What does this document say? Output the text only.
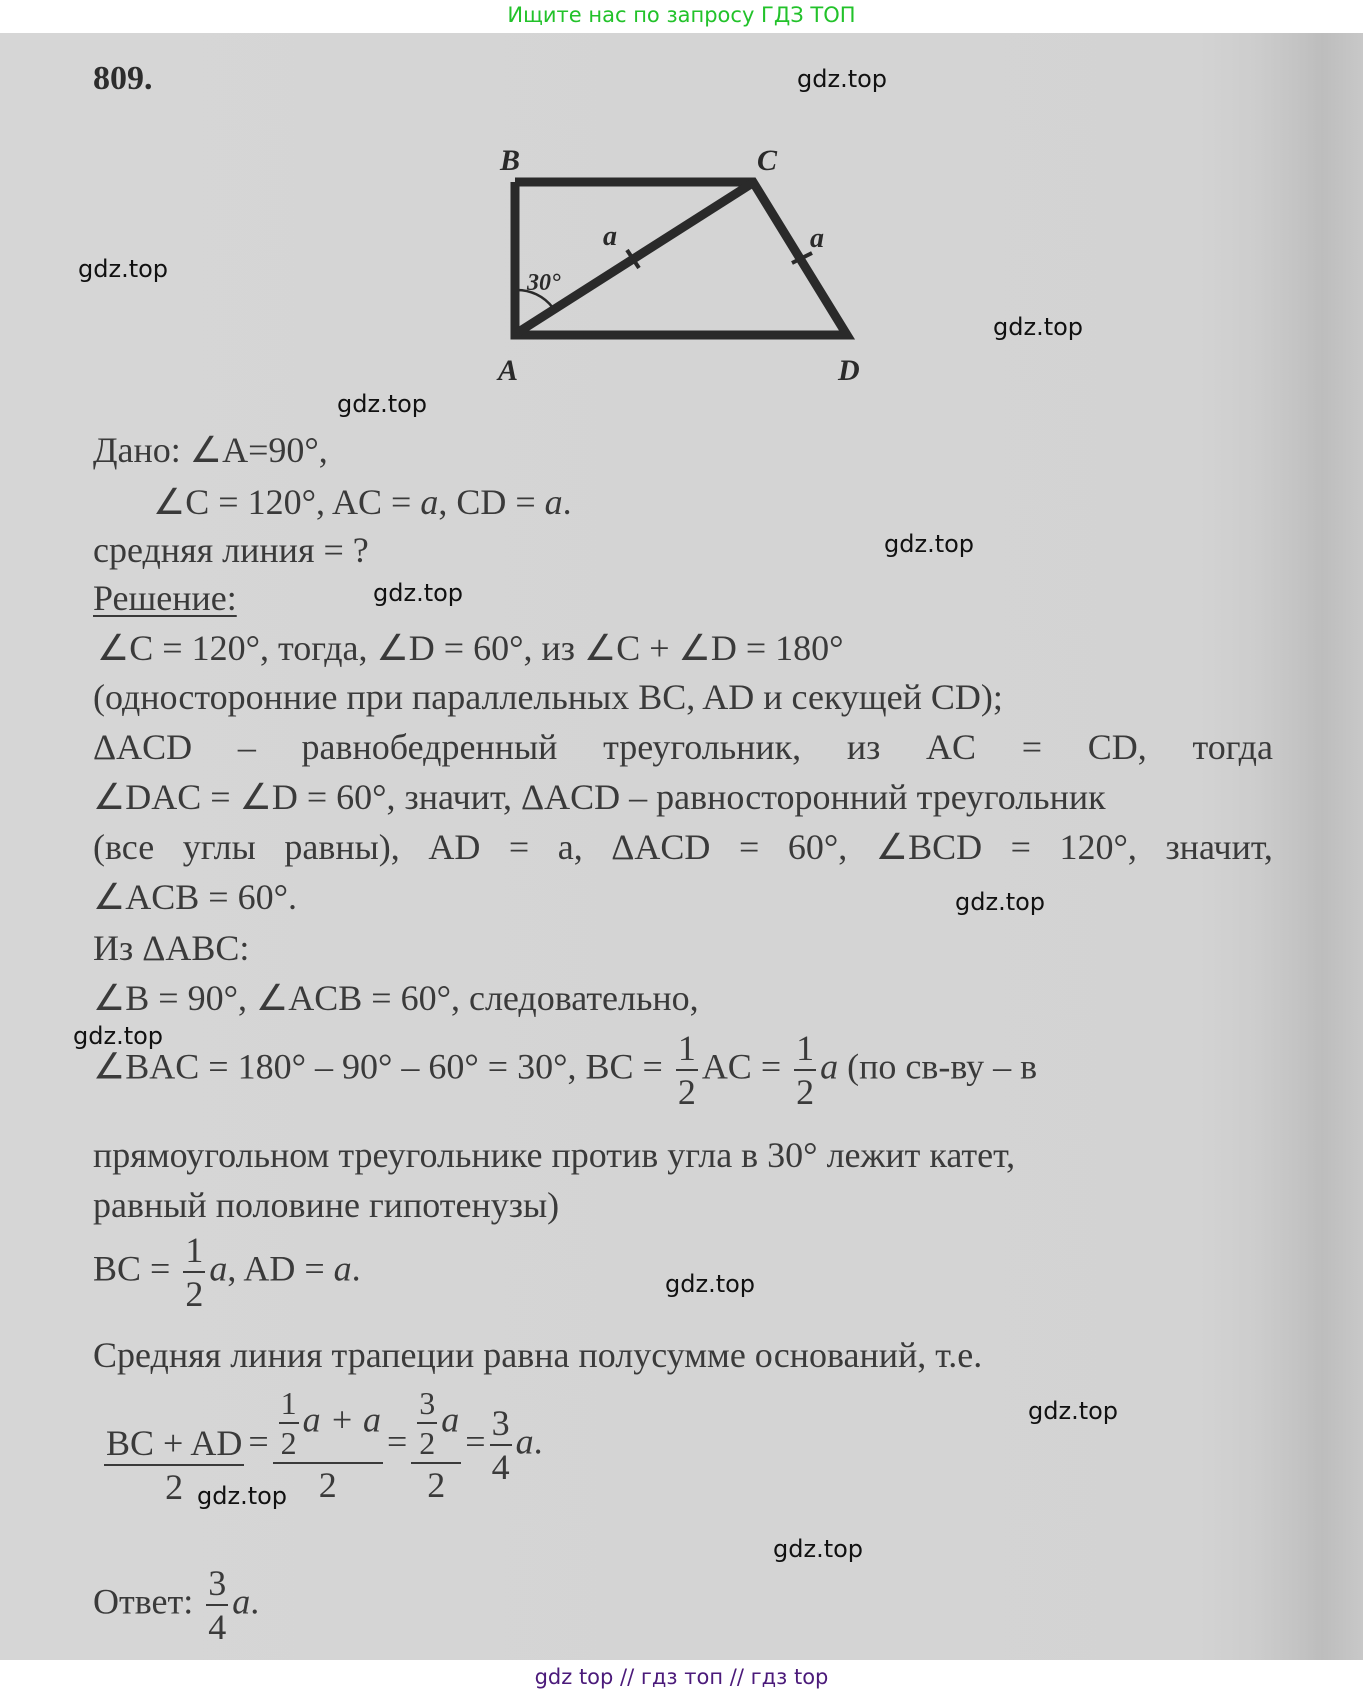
Ищите нас по запросу ГДЗ ТОП
809.
B	C
A	D
a	a
30°
Дано: ∠A=90°,
∠C = 120°, AC = a, CD = a.
средняя линия = ?
Решение:
∠C = 120°, тогда, ∠D = 60°, из ∠C + ∠D = 180°
(односторонние при параллельных BC, AD и секущей CD);
ΔACD – равнобедренный треугольник, из AC = CD, тогда
∠DAC = ∠D = 60°, значит, ΔACD – равносторонний треугольник
(все углы равны), AD = a, ΔACD = 60°, ∠BCD = 120°, значит,
∠ACB = 60°.
Из ΔABC:
∠B = 90°, ∠ACB = 60°, следовательно,
∠BAC = 180° – 90° – 60° = 30°, BC = $\frac{1}{2}$ AC = $\frac{1}{2}$ a (по св-ву – в
прямоугольном треугольнике против угла в 30° лежит катет,
равный половине гипотенузы)
BC = $\frac{1}{2} a$, AD = a.
Средняя линия трапеции равна полусумме оснований, т.е.
$\frac{BC + AD}{2} = \frac{\frac{1}{2} a + a}{2} = \frac{\frac{3}{2} a}{2} = \frac{3}{4} a$.
Ответ: $\frac{3}{4} a$.
gdz.top
gdz.top
gdz.top
gdz.top
gdz.top
gdz.top
gdz.top
gdz.top
gdz.top
gdz.top
gdz.top
gdz.top
gdz top // гдз топ // гдз top
